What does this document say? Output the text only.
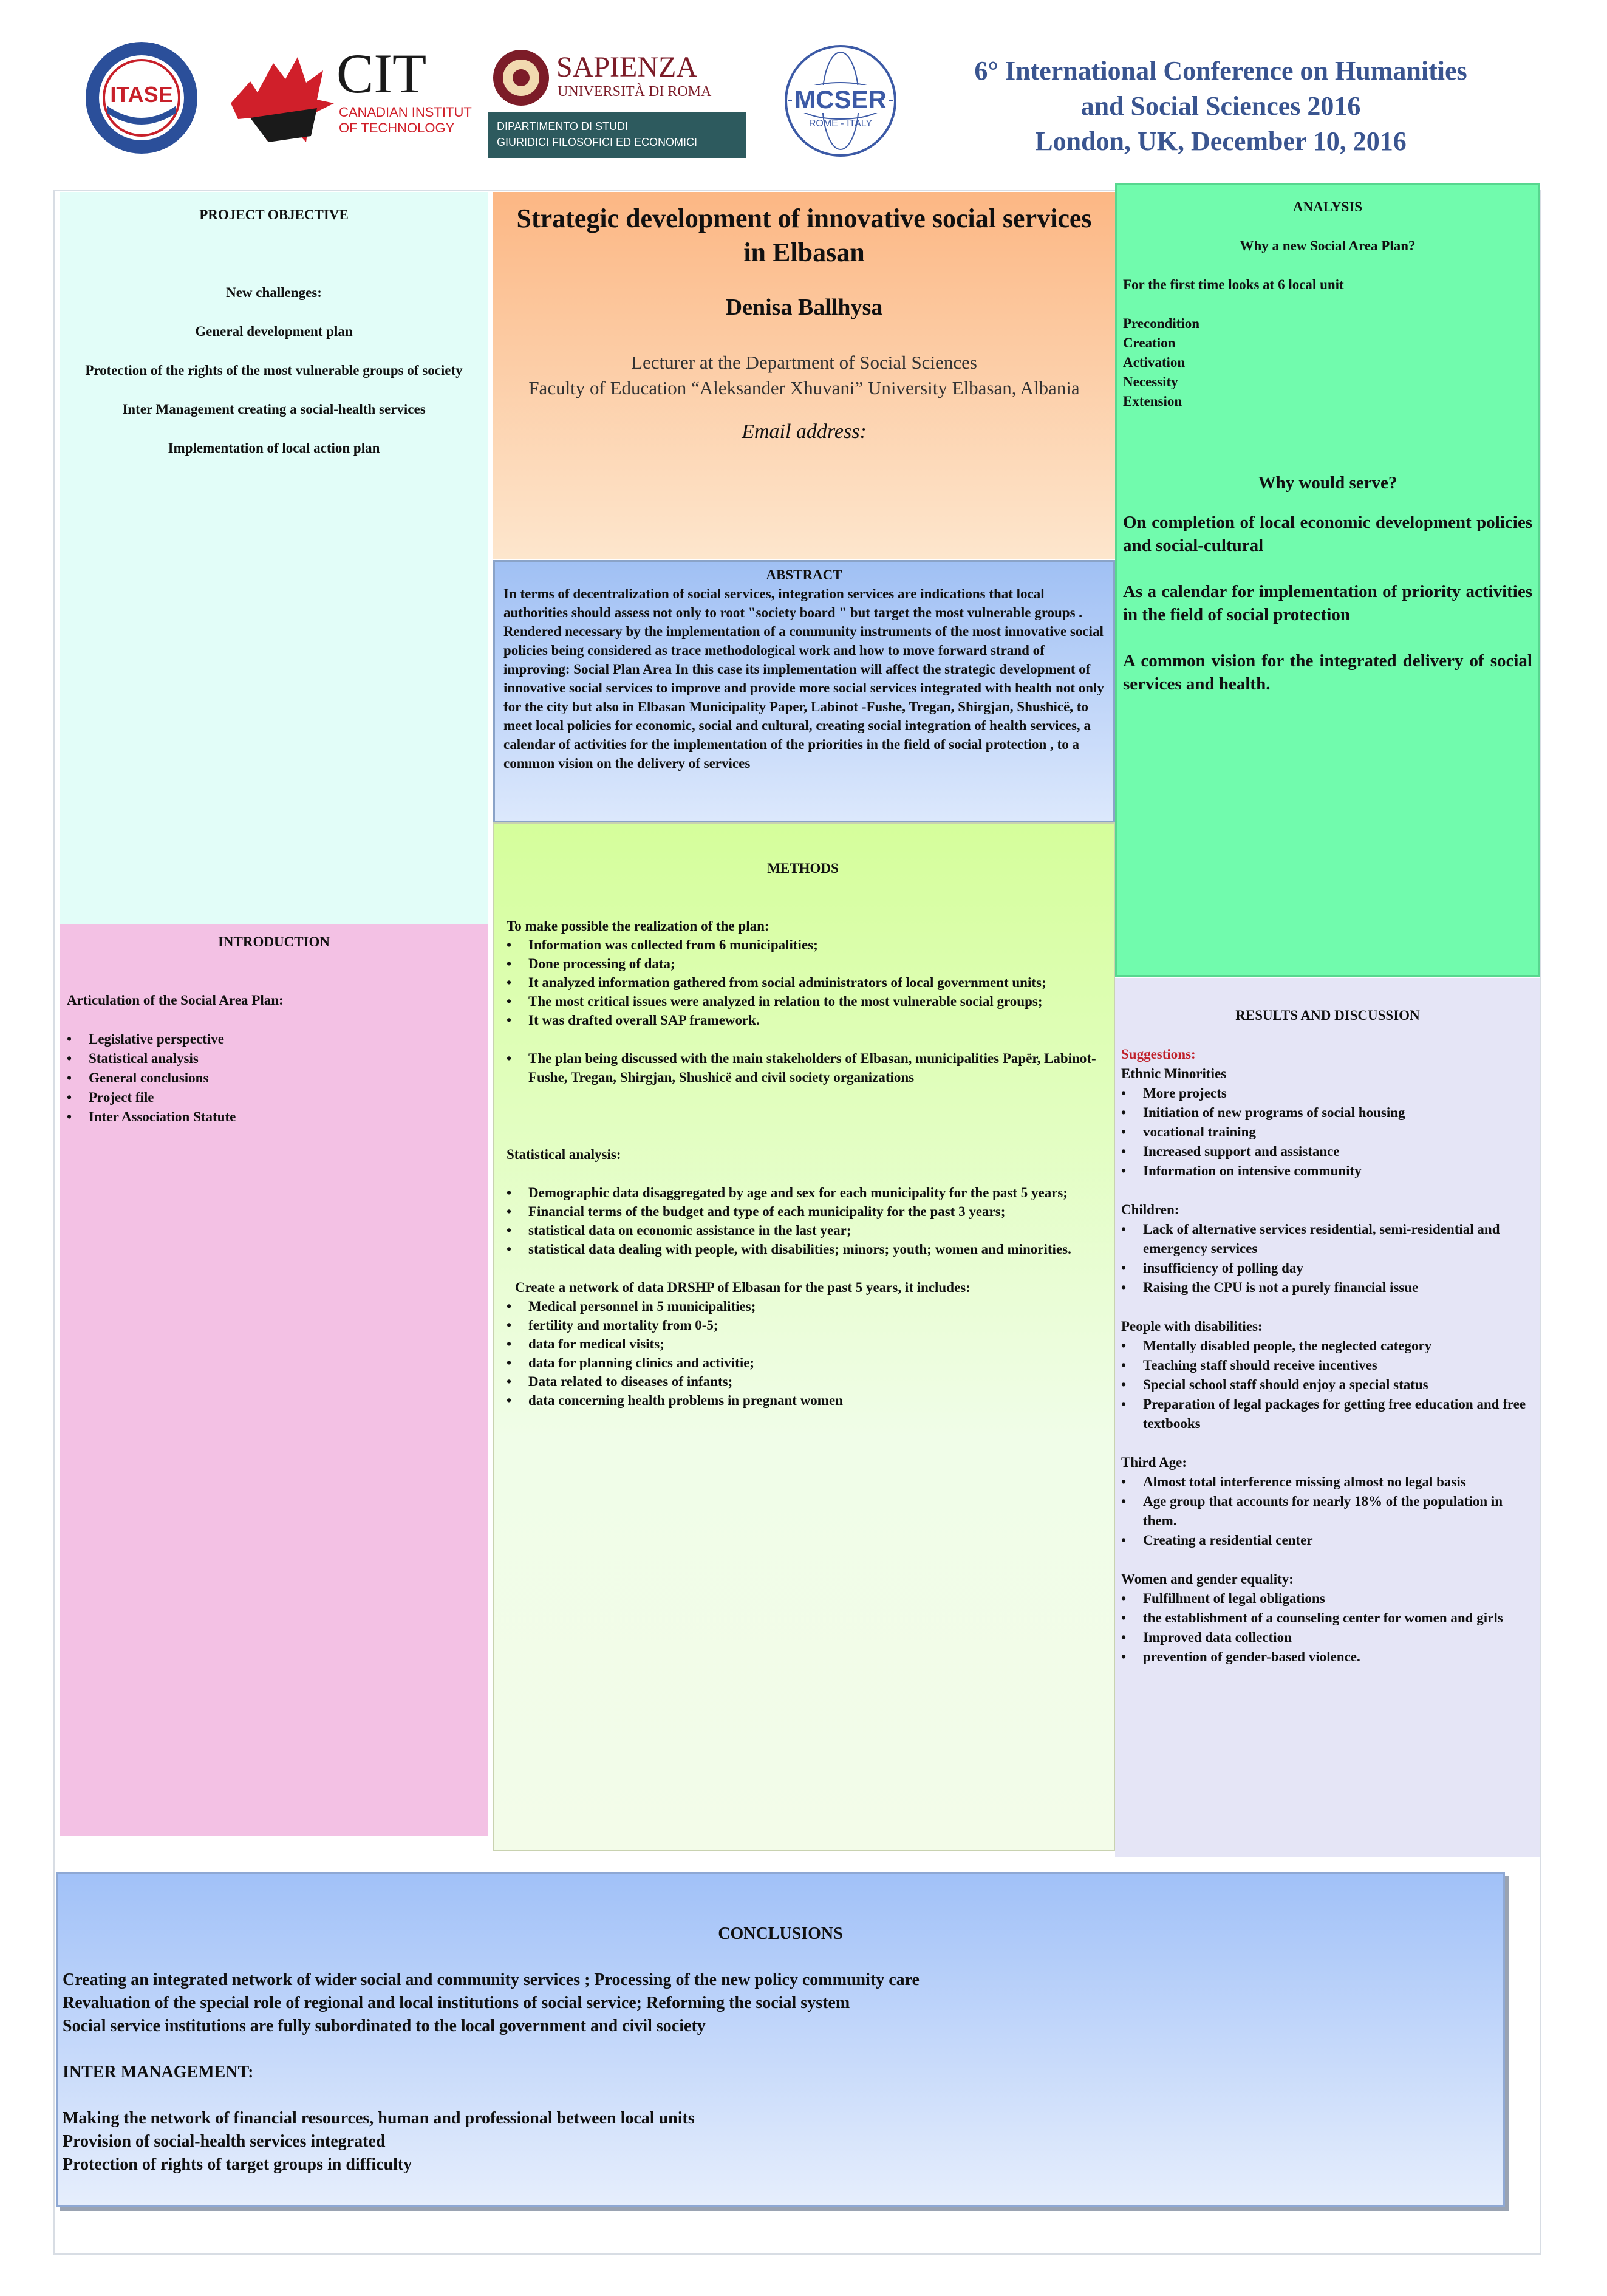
ITASE	CIT
CANADIAN INSTITUTE
OF TECHNOLOGY
SAPIENZA
UNIVERSITÀ DI ROMA
DIPARTIMENTO DI STUDI
GIURIDICI FILOSOFICI ED ECONOMICI
MCSER
ROME - ITALY
6° International Conference on Humanities
and Social Sciences 2016
London, UK, December 10, 2016
PROJECT OBJECTIVE
New challenges:
General development plan
Protection of the rights of the most vulnerable groups of society
Inter Management creating a social-health services
Implementation of local action plan
INTRODUCTION
Articulation of the Social Area Plan:
• Legislative perspective
• Statistical analysis
• General conclusions
• Project file
• Inter Association Statute
Strategic development of innovative social services in Elbasan
Denisa Ballhysa
Lecturer at the Department of Social Sciences
Faculty of Education “Aleksander Xhuvani” University Elbasan, Albania
Email address:
ABSTRACT
In terms of decentralization of social services, integration services are indications that local authorities should assess not only to root "society board " but target the most vulnerable groups . Rendered necessary by the implementation of a community instruments of the most innovative social policies being considered as trace methodological work and how to move forward strand of improving: Social Plan Area In this case its implementation will affect the strategic development of innovative social services to improve and provide more social services integrated with health not only for the city but also in Elbasan Municipality Paper, Labinot -Fushe, Tregan, Shirgjan, Shushicë, to meet local policies for economic, social and cultural, creating social integration of health services, a calendar of activities for the implementation of the priorities in the field of social protection , to a common vision on the delivery of services
METHODS
To make possible the realization of the plan:
• Information was collected from 6 municipalities;
• Done processing of data;
• It analyzed information gathered from social administrators of local government units;
• The most critical issues were analyzed in relation to the most vulnerable social groups;
• It was drafted overall SAP framework.
• The plan being discussed with the main stakeholders of Elbasan, municipalities Papër, Labinot-Fushe, Tregan, Shirgjan, Shushicë and civil society organizations
Statistical analysis:
• Demographic data disaggregated by age and sex for each municipality for the past 5 years;
• Financial terms of the budget and type of each municipality for the past 3 years;
• statistical data on economic assistance in the last year;
• statistical data dealing with people, with disabilities; minors; youth; women and minorities.
Create a network of data DRSHP of Elbasan for the past 5 years, it includes:
• Medical personnel in 5 municipalities;
• fertility and mortality from 0-5;
• data for medical visits;
• data for planning clinics and activitie;
• Data related to diseases of infants;
• data concerning health problems in pregnant women
ANALYSIS
Why a new Social Area Plan?
For the first time looks at 6 local unit
Precondition
Creation
Activation
Necessity
Extension
Why would serve?
On completion of local economic development policies and social-cultural
As a calendar for implementation of priority activities in the field of social protection
A common vision for the integrated delivery of social services and health.
RESULTS AND DISCUSSION
Suggestions:
Ethnic Minorities
• More projects
• Initiation of new programs of social housing
• vocational training
• Increased support and assistance
• Information on intensive community
Children:
• Lack of alternative services residential, semi-residential and emergency services
• insufficiency of polling day
• Raising the CPU is not a purely financial issue
People with disabilities:
• Mentally disabled people, the neglected category
• Teaching staff should receive incentives
• Special school staff should enjoy a special status
• Preparation of legal packages for getting free education and free textbooks
Third Age:
• Almost total interference missing almost no legal basis
• Age group that accounts for nearly 18% of the population in them.
• Creating a residential center
Women and gender equality:
• Fulfillment of legal obligations
• the establishment of a counseling center for women and girls
• Improved data collection
• prevention of gender-based violence.
CONCLUSIONS
Creating an integrated network of wider social and community services ; Processing of the new policy community care
Revaluation of the special role of regional and local institutions of social service; Reforming the social system
Social service institutions are fully subordinated to the local government and civil society
INTER MANAGEMENT:
Making the network of financial resources, human and professional between local units
Provision of social-health services integrated
Protection of rights of target groups in difficulty
